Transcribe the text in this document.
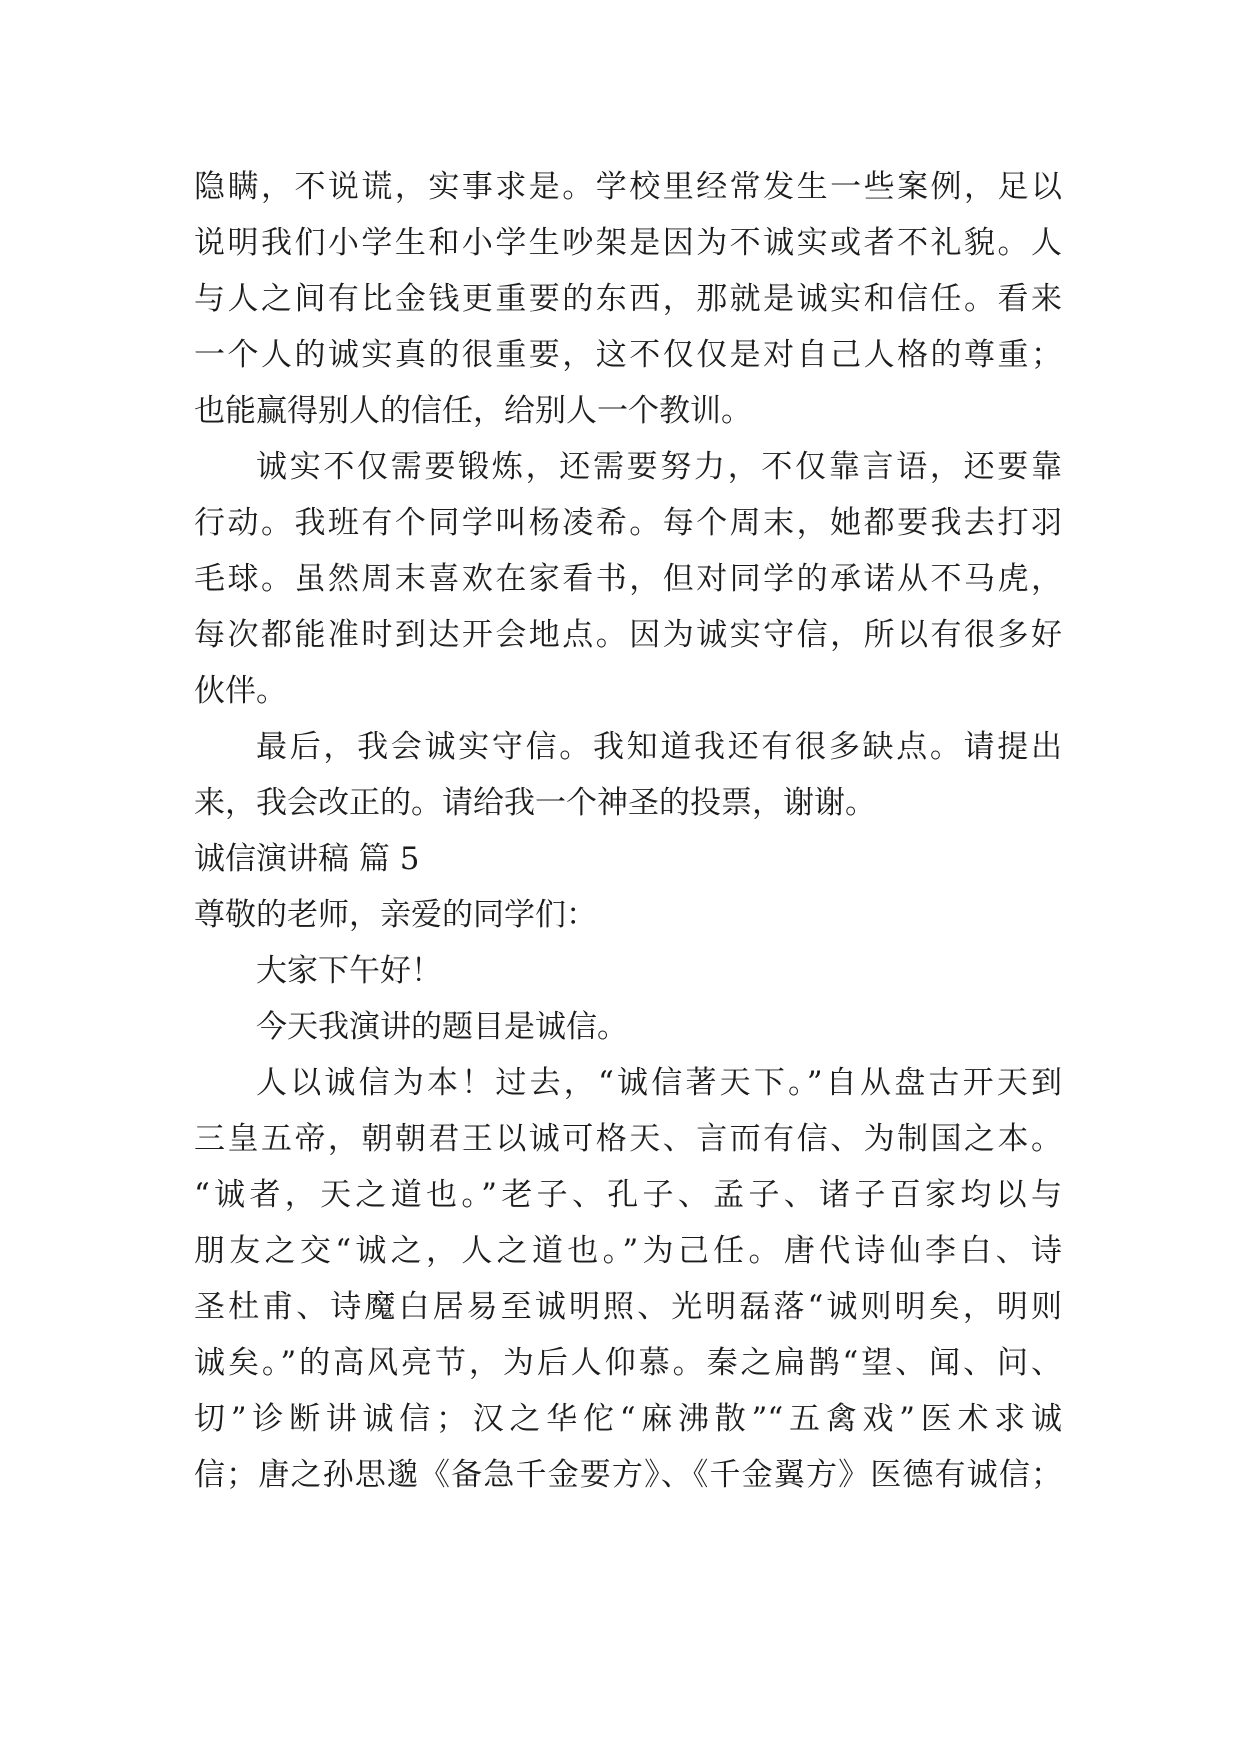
隐瞒，不说谎，实事求是。学校里经常发生一些案例，足以
说明我们小学生和小学生吵架是因为不诚实或者不礼貌。人
与人之间有比金钱更重要的东西，那就是诚实和信任。看来
一个人的诚实真的很重要，这不仅仅是对自己人格的尊重；
也能赢得别人的信任，给别人一个教训。
诚实不仅需要锻炼，还需要努力，不仅靠言语，还要靠
行动。我班有个同学叫杨凌希。每个周末，她都要我去打羽
毛球。虽然周末喜欢在家看书，但对同学的承诺从不马虎，
每次都能准时到达开会地点。因为诚实守信，所以有很多好
伙伴。
最后，我会诚实守信。我知道我还有很多缺点。请提出
来，我会改正的。请给我一个神圣的投票，谢谢。
诚信演讲稿 篇 5
尊敬的老师，亲爱的同学们：
大家下午好！
今天我演讲的题目是诚信。
人以诚信为本！过去，“诚信著天下。”自从盘古开天到
三皇五帝，朝朝君王以诚可格天、言而有信、为制国之本。
“诚者，天之道也。”老子、孔子、孟子、诸子百家均以与
朋友之交“诚之，人之道也。”为己任。唐代诗仙李白、诗
圣杜甫、诗魔白居易至诚明照、光明磊落“诚则明矣，明则
诚矣。”的高风亮节，为后人仰慕。秦之扁鹊“望、闻、问、
切”诊断讲诚信；汉之华佗“麻沸散”“五禽戏”医术求诚
信；唐之孙思邈《备急千金要方》、《千金翼方》医德有诚信；
